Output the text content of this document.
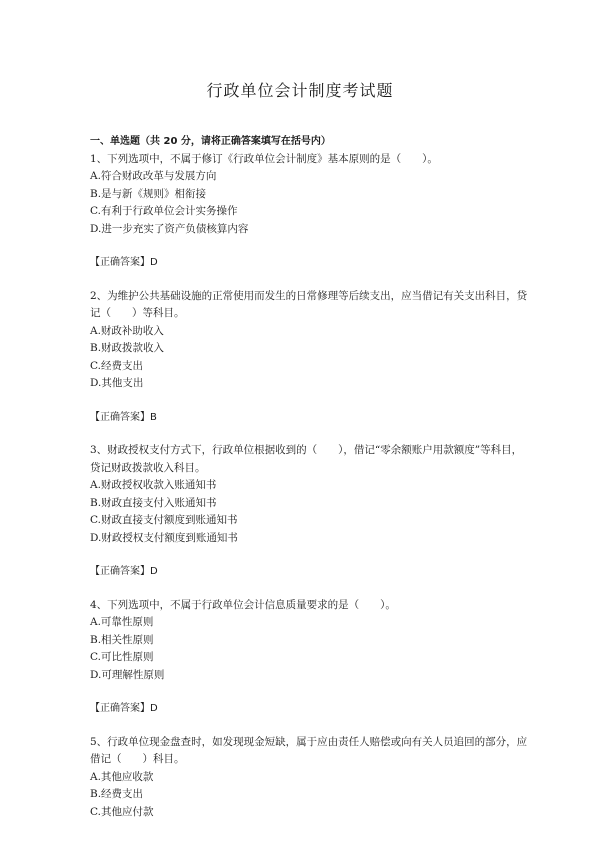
行政单位会计制度考试题

一、单选题（共 20 分，请将正确答案填写在括号内）

1、下列选项中，不属于修订《行政单位会计制度》基本原则的是（　　）。

A.符合财政改革与发展方向

B.是与新《规则》相衔接

C.有利于行政单位会计实务操作

D.进一步充实了资产负债核算内容

【正确答案】D

2、为维护公共基础设施的正常使用而发生的日常修理等后续支出，应当借记有关支出科目，贷记（　　）等科目。

A.财政补助收入

B.财政拨款收入

C.经费支出

D.其他支出

【正确答案】B

3、财政授权支付方式下，行政单位根据收到的（　　），借记“零余额账户用款额度”等科目，贷记财政拨款收入科目。

A.财政授权收款入账通知书

B.财政直接支付入账通知书

C.财政直接支付额度到账通知书

D.财政授权支付额度到账通知书

【正确答案】D

4、下列选项中，不属于行政单位会计信息质量要求的是（　　）。

A.可靠性原则

B.相关性原则

C.可比性原则

D.可理解性原则

【正确答案】D

5、行政单位现金盘查时，如发现现金短缺，属于应由责任人赔偿或向有关人员追回的部分，应借记（　　）科目。

A.其他应收款

B.经费支出

C.其他应付款
